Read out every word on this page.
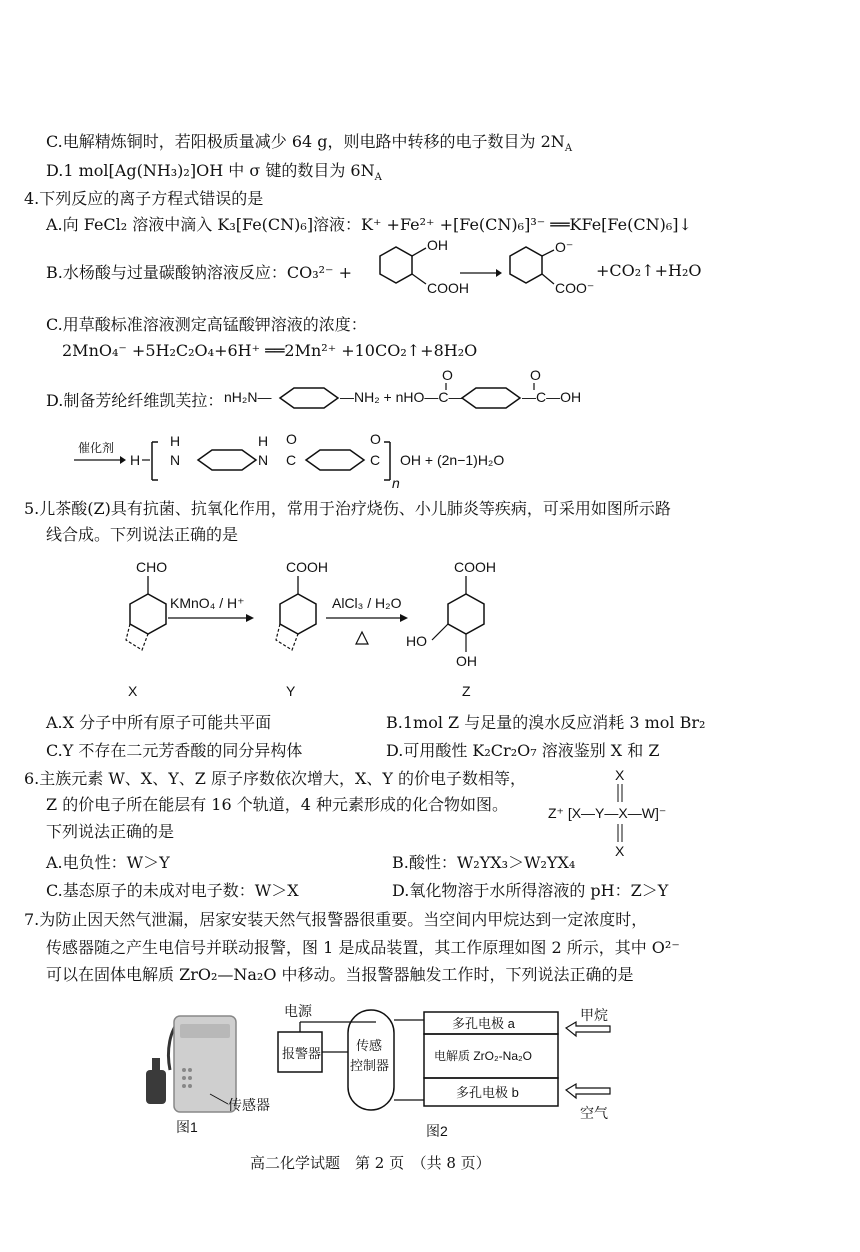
C.电解精炼铜时，若阳极质量减少 64 g，则电路中转移的电子数目为 $2N_A$
D.1 mol[Ag(NH₃)₂]OH 中 σ 键的数目为 $6N_A$
4.下列反应的离子方程式错误的是
A.向 FeCl₂ 溶液中滴入 K₃[Fe(CN)₆]溶液：K⁺ +Fe²⁺ +[Fe(CN)₆]³⁻ ══KFe[Fe(CN)₆]↓
B.水杨酸与过量碳酸钠溶液反应：CO₃²⁻ +
OH
COOH
O⁻
COO⁻
+CO₂↑+H₂O
C.用草酸标准溶液测定高锰酸钾溶液的浓度：
2MnO₄⁻ +5H₂C₂O₄+6H⁺ ══2Mn²⁺ +10CO₂↑+8H₂O
D.制备芳纶纤维凯芙拉： nH₂N—	—NH₂ + nHO—C—
O
—C—OH
O
催化剂
H
H
N
H
N
O
C
O
C
n
OH + (2n−1)H₂O
5.儿茶酸(Z)具有抗菌、抗氧化作用，常用于治疗烧伤、小儿肺炎等疾病，可采用如图所示路
线合成。下列说法正确的是
CHO
KMnO₄ / H⁺
COOH
AlCl₃ / H₂O
COOH
HO
OH
X	Y	Z
A.X 分子中所有原子可能共平面	B.1mol Z 与足量的溴水反应消耗 3 mol Br₂
C.Y 不存在二元芳香酸的同分异构体	D.可用酸性 K₂Cr₂O₇ 溶液鉴别 X 和 Z
6.主族元素 W、X、Y、Z 原子序数依次增大，X、Y 的价电子数相等，
Z 的价电子所在能层有 16 个轨道，4 种元素形成的化合物如图。
下列说法正确的是
X
Z⁺ [X—Y—X—W]⁻
X
A.电负性：W＞Y	B.酸性：W₂YX₃＞W₂YX₄
C.基态原子的未成对电子数：W＞X	D.氧化物溶于水所得溶液的 pH：Z＞Y
7.为防止因天然气泄漏，居家安装天然气报警器很重要。当空间内甲烷达到一定浓度时，
传感器随之产生电信号并联动报警，图 1 是成品装置，其工作原理如图 2 所示，其中 O²⁻
可以在固体电解质 ZrO₂—Na₂O 中移动。当报警器触发工作时，下列说法正确的是
传感器
图1
电源
报警器
传感
控制器
多孔电极 a
电解质 ZrO₂-Na₂O
多孔电极 b
甲烷
空气
图2
高二化学试题　第 2 页　（共 8 页）
